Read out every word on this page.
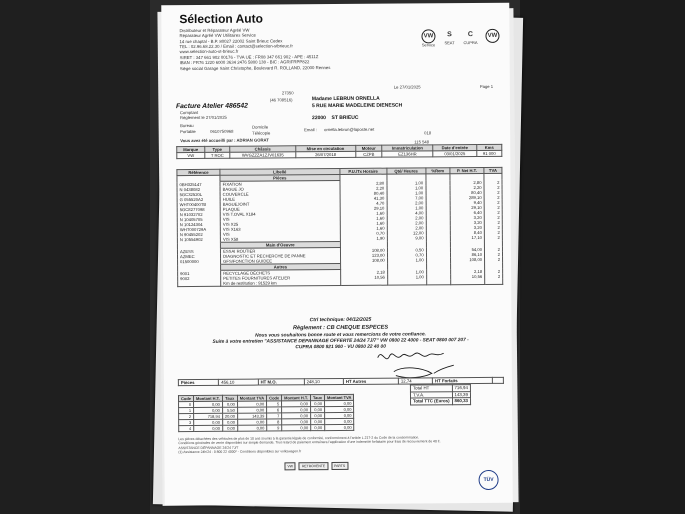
Sélection Auto
Distributeur et Réparateur Agréé VW
Réparateur Agréé VW Utilitaires Service
14 rue chaptal - B.P. 80027 22002 Saint Brieuc Cedex
TEL : 02.96.68.22.30 / Email : contact@selection-stbrieuc.fr
www.selection-auto-st-brieuc.fr
SIRET : 347 661 902 00176 - TVA UE : FR08 347 661 902 - APE : 4511Z
IBAN : FR76 1220 6000 3634 2476 5800 138 - BIC : AGRIFRPP822
Siège social Garage Saint Christophe, Boulevard R. ROLLAND, 22000 Rennes
VW
Service
S
SEAT
C
CUPRA
VW
Le 27/01/2025	Page 1
27350
(46 708516)
Facture Atelier 486542
Comptant
Règlement le 27/01/2025
Bureau	Domicile
Portable	0610750968	Télécopie
Vous avez été accueilli par : ADRIAN GORAT
Madame LEBRUN ORNELLA
5 RUE MARIE MADELEINE DIENESCH
22000 ST BRIEUC
Email : ornella.lebrun@laposte.net
018
115 548
Marque	Type	Châssis	Mise en circulation	Moteur	Immatriculation	Date d'entrée	Kms
VW	T ROC	WVGZZZA1ZJV01635	26/07/2018	CZPB	EZ136HR	03/01/2025	91 000
Référence	Libellé	P.U./Tx Horaire	Qté/ Heures	%Rem	P. Net H.T.	TVA
	Pièces					
0BH325147	FIXATION	2,80	1,00		2,80	2
N 0438082	BAGUE JO	2,20	1,00		2,20	2
5GC32520L	COUVERCLE	80,40	1,00		80,40	2
G 055520A2	HUILE	41,30	7,00		289,10	2
WHT00400TB	BAGUEJOINT	4,70	2,00		9,40	2
5GC8277098	PLAQUE	29,10	1,00		29,10	2
N 91032702	VIS T.OVAL X184	1,60	4,00		6,40	2
N 10405705	VIS	1,60	2,00		3,20	2
N 10124304	VIS X25	1,60	2,00		3,20	2
WHT000729A	VIS X163	1,60	2,00		3,20	2
N 90455202	VIS	0,70	12,00		8,40	2
N 10554902	VIS X58	1,90	9,00		17,10	2
	Main d'Oeuvre					
AZESS	ESSAI ROUTIER	108,00	0,50		54,00	2
AZMEC	DIAGNOSTIC ET RECHERCHE DE PANNE	123,00	0,70		86,10	2
01500000	GFS/FONCTION GUIDEE	108,00	1,00		108,00	2
	Autres					
9001	RECYCLAGE DÉCHETS	2,18	1,00		2,18	2
9002	PETITES FOURNITURES ATELIER	10,56	1,00		10,56	2
	Km de restitution : 91529 km					
Ctrl technique: 04/12/2025
Règlement : CB CHEQUE ESPECES
Nous vous souhaitons bonne route et vous remercions de votre confiance.
Suite à votre entretien "ASSISTANCE DEPANNAGE OFFERTE 24/24 7J/7" VW 0800 22 4000 - SEAT 0800 007 207 -
CUPRA 0800 921 900 - VU 0800 22 40 00
Pièces	456,10	HT M.O.	248,10	HT Autres	12,74	HT Forfaits	
Code	Montant H.T.	Taux	Montant TVA	Code	Montant H.T.	Taux	Montant TVA
0	0,00	0,00	0,00	5	0,00	0,00	0,00
1	0,00	5,50	0,00	6	0,00	0,00	0,00
2	718,94	20,00	143,39	7	0,00	0,00	0,00
3	0,00	0,00	0,00	8	0,00	0,00	0,00
4	0,00	0,00	0,00	9	0,00	0,00	0,00
Total HT	716,94
T.V.A.	143,39
Total TTC (Euros)	860,33
Les pièces détachées des véhicules de plus de 10 ans soumis à la garantie légale de conformité, conformément à l'article L.217-2 du Code de la consommation.
Conditions générales de vente disponibles sur simple demande. Tout retard de paiement entraînera l'application d'une indemnité forfaitaire pour frais de recouvrement de 40 €.
ASSISTANCE DÉPANNAGE 24/24 7J/7
(1) Assistance 24h/24 : 0 800 22 4000* - Conditions disponibles sur volkswagen.fr
VW	RETROVENTE	PARTS
TÜV
